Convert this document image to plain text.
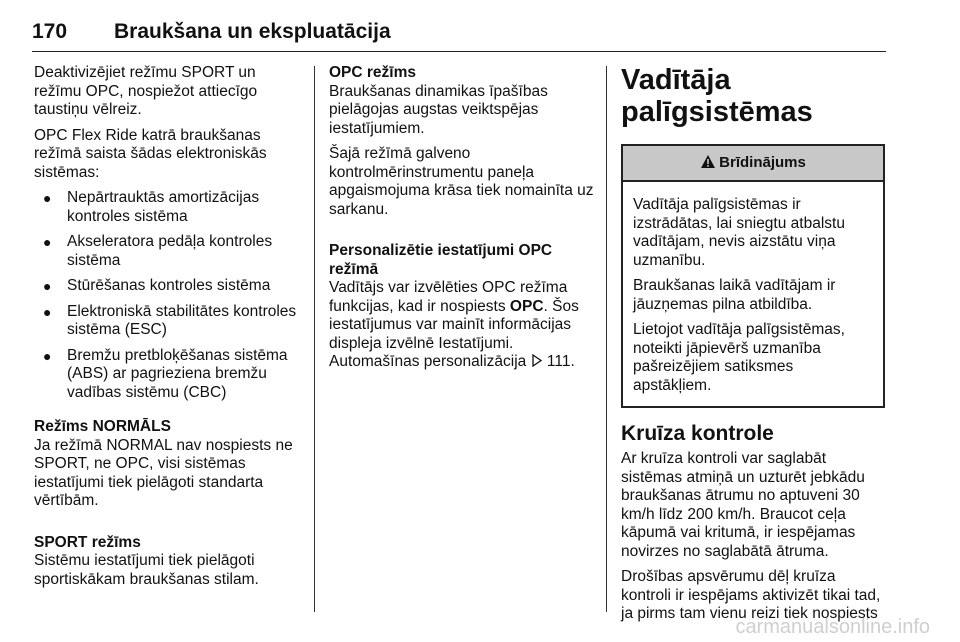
170 Braukšana un ekspluatācija

Deaktivizējiet režīmu SPORT un režīmu OPC, nospiežot attiecīgo taustiņu vēlreiz.

OPC Flex Ride katrā braukšanas režīmā saista šādas elektroniskās sistēmas:

● Nepārtrauktās amortizācijas kontroles sistēma
● Akseleratora pedāļa kontroles sistēma
● Stūrēšanas kontroles sistēma
● Elektroniskā stabilitātes kontroles sistēma (ESC)
● Bremžu pretbloķēšanas sistēma (ABS) ar pagrieziena bremžu vadības sistēmu (CBC)

Režīms NORMĀLS

Ja režīmā NORMAL nav nospiests ne SPORT, ne OPC, visi sistēmas iestatījumi tiek pielāgoti standarta vērtībām.

SPORT režīms

Sistēmu iestatījumi tiek pielāgoti sportiskākam braukšanas stilam.

OPC režīms

Braukšanas dinamikas īpašības pielāgojas augstas veiktspējas iestatījumiem.

Šajā režīmā galveno kontrolmērinstrumentu paneļa apgaismojuma krāsa tiek nomainīta uz sarkanu.

Personalizētie iestatījumi OPC režīmā

Vadītājs var izvēlēties OPC režīma funkcijas, kad ir nospiests OPC. Šos iestatījumus var mainīt informācijas displeja izvēlnē Iestatījumi.
Automašīnas personalizācija  111.

Vadītāja palīgsistēmas
Brīdinājums

Vadītāja palīgsistēmas ir izstrādātas, lai sniegtu atbalstu vadītājam, nevis aizstātu viņa uzmanību.

Braukšanas laikā vadītājam ir jāuzņemas pilna atbildība.

Lietojot vadītāja palīgsistēmas, noteikti jāpievērš uzmanība pašreizējiem satiksmes apstākļiem.

Kruīza kontrole

Ar kruīza kontroli var saglabāt sistēmas atmiņā un uzturēt jebkādu braukšanas ātrumu no aptuveni 30 km/h līdz 200 km/h. Braucot ceļa kāpumā vai kritumā, ir iespējamas novirzes no saglabātā ātruma.

Drošības apsvērumu dēļ kruīza kontroli ir iespējams aktivizēt tikai tad, ja pirms tam vienu reizi tiek nospiests

carmanualsonline.info
